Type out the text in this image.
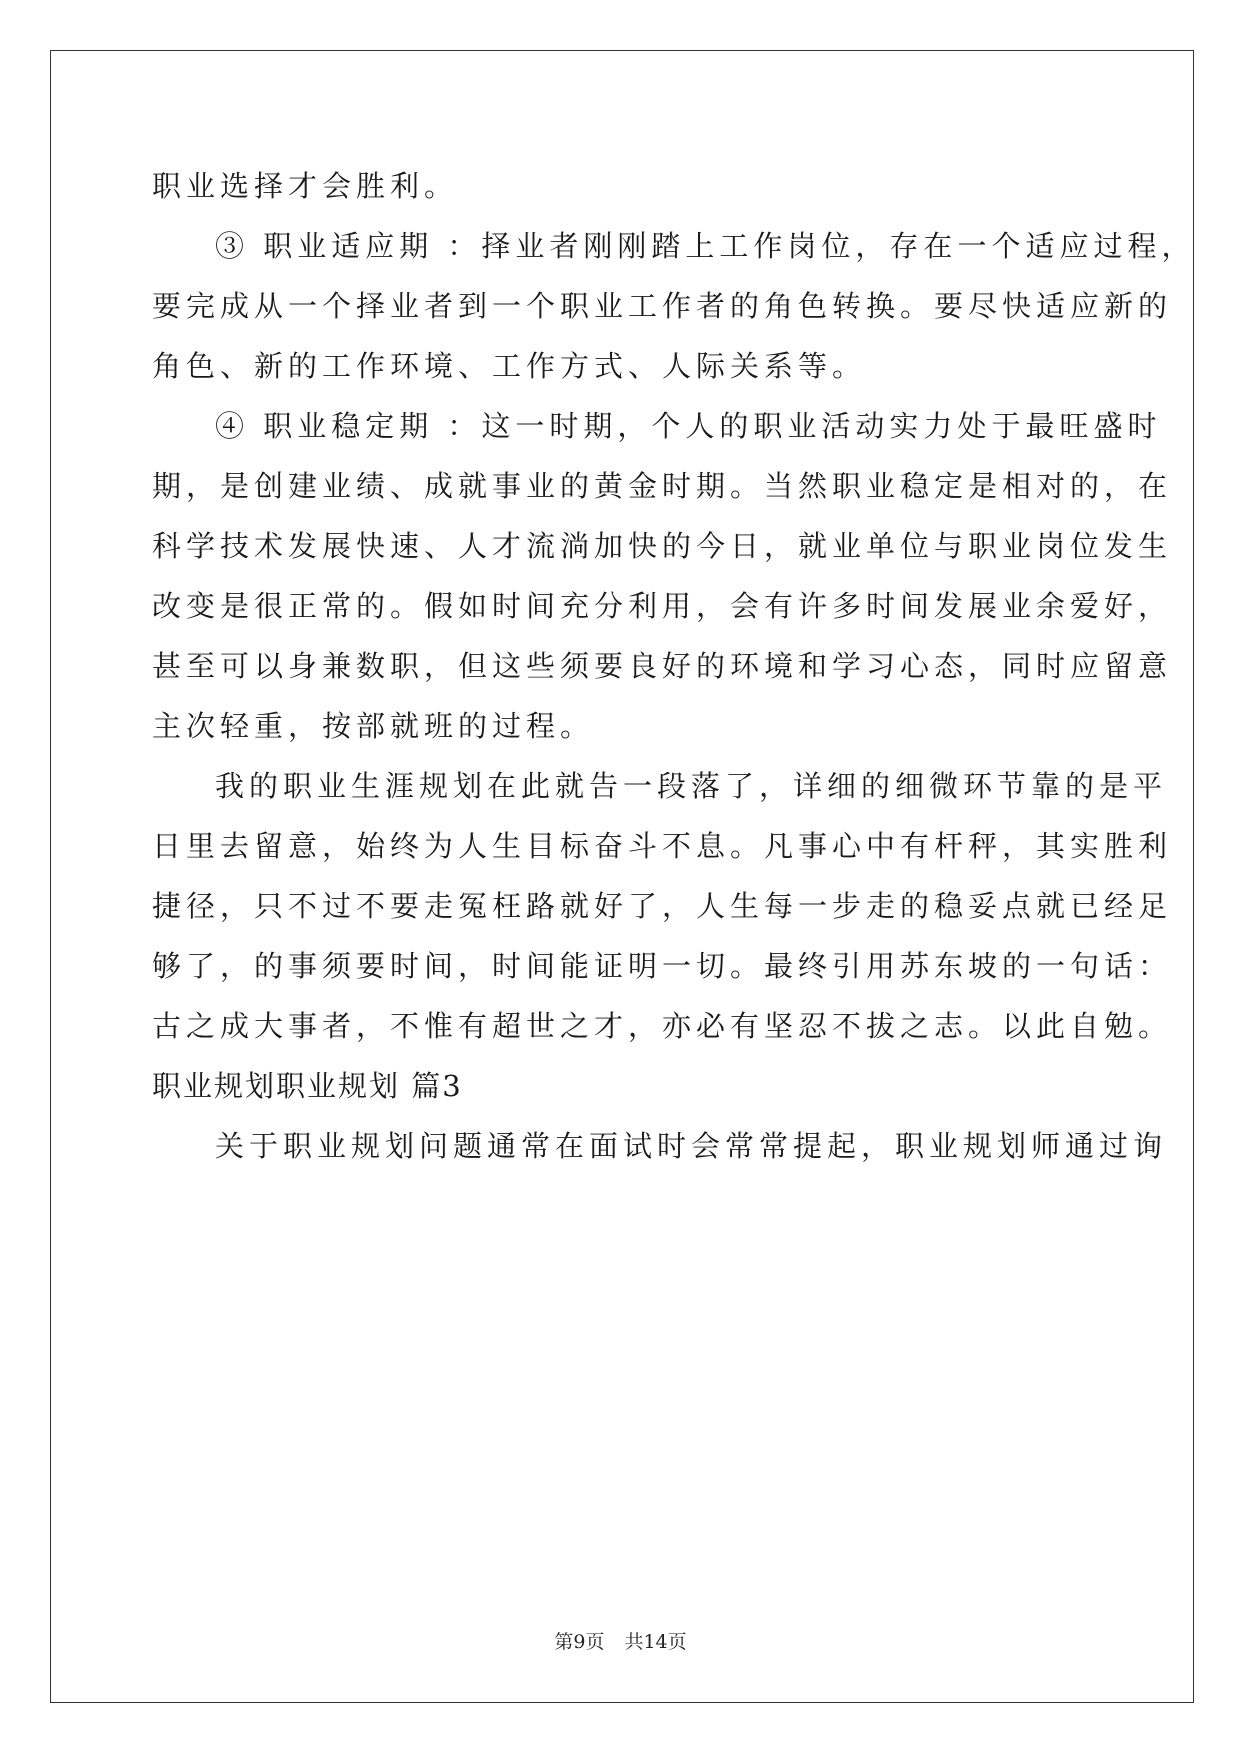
职业选择才会胜利。
③ 职业适应期 ：择业者刚刚踏上工作岗位，存在一个适应过程，
要完成从一个择业者到一个职业工作者的角色转换。要尽快适应新的
角色、新的工作环境、工作方式、人际关系等。
④ 职业稳定期 ：这一时期，个人的职业活动实力处于最旺盛时
期，是创建业绩、成就事业的黄金时期。当然职业稳定是相对的，在
科学技术发展快速、人才流淌加快的今日，就业单位与职业岗位发生
改变是很正常的。假如时间充分利用，会有许多时间发展业余爱好，
甚至可以身兼数职，但这些须要良好的环境和学习心态，同时应留意
主次轻重，按部就班的过程。
我的职业生涯规划在此就告一段落了，详细的细微环节靠的是平
日里去留意，始终为人生目标奋斗不息。凡事心中有杆秤，其实胜利
捷径，只不过不要走冤枉路就好了，人生每一步走的稳妥点就已经足
够了，的事须要时间，时间能证明一切。最终引用苏东坡的一句话：
古之成大事者，不惟有超世之才，亦必有坚忍不拔之志。以此自勉。
职业规划职业规划 篇3
关于职业规划问题通常在面试时会常常提起，职业规划师通过询
第9页 共14页
